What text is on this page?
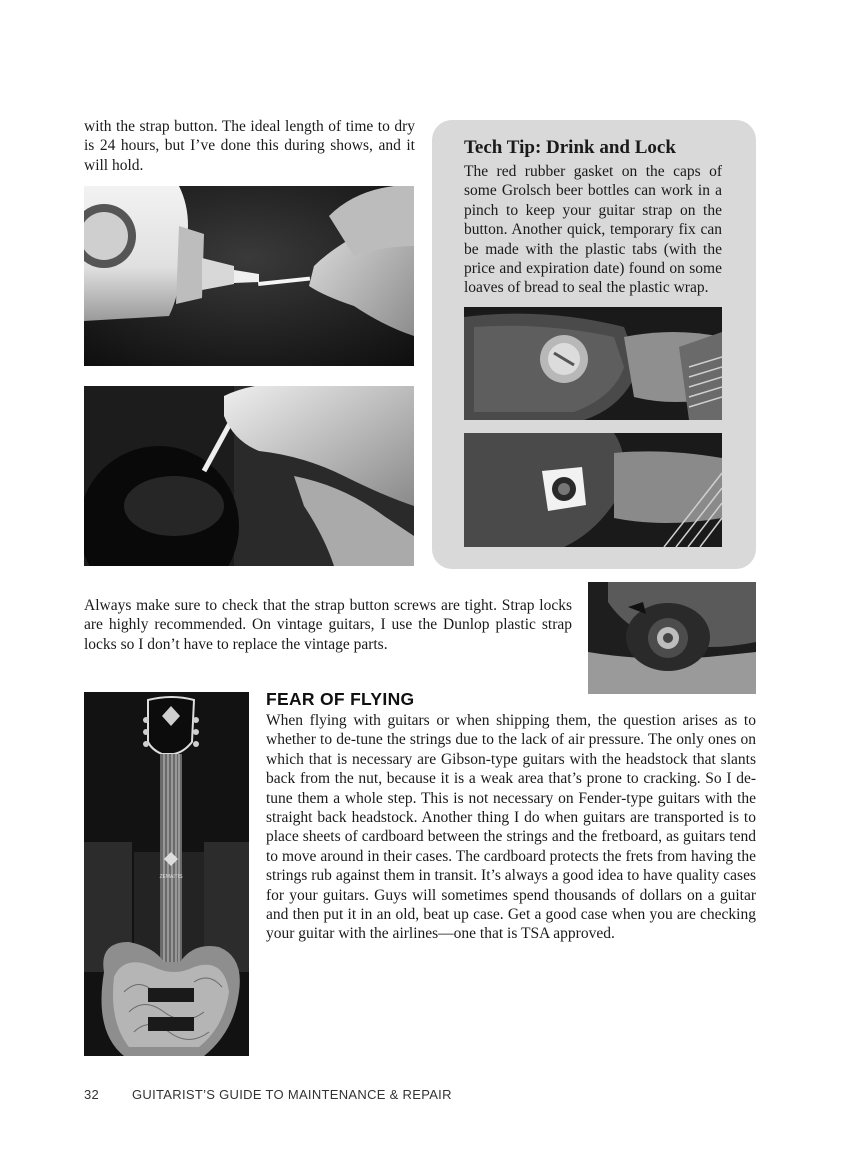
with the strap button. The ideal length of time to dry is 24 hours, but I’ve done this during shows, and it will hold.
Tech Tip: Drink and Lock
The red rubber gasket on the caps of some Grolsch beer bottles can work in a pinch to keep your guitar strap on the button. Another quick, temporary fix can be made with the plastic tabs (with the price and expiration date) found on some loaves of bread to seal the plastic wrap.
Always make sure to check that the strap button screws are tight. Strap locks are highly recommended. On vintage guitars, I use the Dunlop plastic strap locks so I don’t have to replace the vintage parts.
ZEMAITIS
FEAR OF FLYING
When flying with guitars or when shipping them, the question arises as to whether to de-tune the strings due to the lack of air pressure. The only ones on which that is necessary are Gibson-type guitars with the headstock that slants back from the nut, because it is a weak area that’s prone to cracking. So I de-tune them a whole step. This is not necessary on Fender-type guitars with the straight back headstock. Another thing I do when guitars are transported is to place sheets of cardboard between the strings and the fretboard, as guitars tend to move around in their cases. The cardboard protects the frets from having the strings rub against them in transit. It’s always a good idea to have quality cases for your guitars. Guys will sometimes spend thousands of dollars on a guitar and then put it in an old, beat up case. Get a good case when you are checking your guitar with the airlines—one that is TSA approved.
32	GUITARIST’S GUIDE TO MAINTENANCE & REPAIR
